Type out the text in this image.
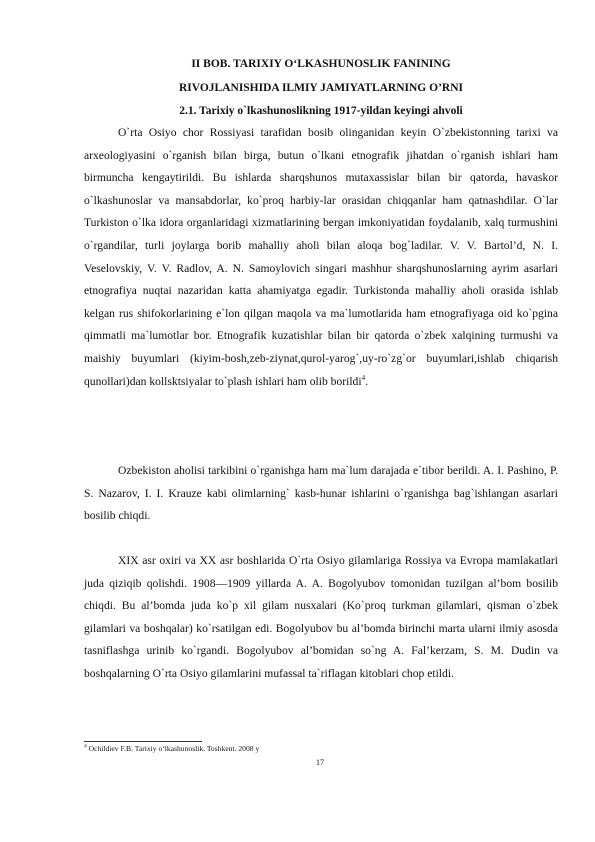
II BOB. TARIXIY O‘LKASHUNOSLIK FANINING
RIVOJLANISHIDA ILMIY JAMIYATLARNING O’RNI
2.1. Tarixiy o`lkashunoslikning 1917-yildan keyingi ahvoli
O`rta Osiyo chor Rossiyasi tarafidan bosib olinganidan keyin O`zbekistonning tarixi va arxeologiyasini o`rganish bilan birga, butun o`lkani etnografik jihatdan o`rganish ishlari ham birmuncha kengaytirildi. Bu ishlarda sharqshunos mutaxassislar bilan bir qatorda, havaskor o`lkashunoslar va mansabdorlar, ko`proq harbiy-lar orasidan chiqqanlar ham qatnashdilar. O`lar Turkiston o`lka idora organlaridagi xizmatlarining bergan imkoniyatidan foydalanib, xalq turmushini o`rgandilar, turli joylarga borib mahalliy aholi bilan aloqa bog`ladilar. V. V. Bartol’d, N. I. Veselovskiy, V. V. Radlov, A. N. Samoylovich singari mashhur sharqshunoslarning ayrim asarlari etnografiya nuqtai nazaridan katta ahamiyatga egadir. Turkistonda mahalliy aholi orasida ishlab kelgan rus shifokorlarining e`lon qilgan maqola va ma`lumotlarida ham etnografiyaga oid ko`pgina qimmatli ma`lumotlar bor. Etnografik kuzatishlar bilan bir qatorda o`zbek xalqining turmushi va maishiy buyumlari (kiyim-bosh,zeb-ziynat,qurol-yarog`,uy-ro`zg`or buyumlari,ishlab chiqarish qunollari)dan kollsktsiyalar to`plash ishlari ham olib borildi$^4$.
Ozbekiston aholisi tarkibini o`rganishga ham ma`lum darajada e`tibor berildi. A. I. Pashino, P. S. Nazarov, I. I. Krauze kabi olimlarning` kasb-hunar ishlarini o`rganishga bag`ishlangan asarlari bosilib chiqdi.
XIX asr oxiri va XX asr boshlarida O`rta Osiyo gilamlariga Rossiya va Evropa mamlakatlari juda qiziqib qolishdi. 1908—1909 yillarda A. A. Bogolyubov tomonidan tuzilgan al’bom bosilib chiqdi. Bu al’bomda juda ko`p xil gilam nusxalari (Ko`proq turkman gilamlari, qisman o`zbek gilamlari va boshqalar) ko`rsatilgan edi. Bogolyubov bu al’bomda birinchi marta ularni ilmiy asosda tasniflashga urinib ko`rgandi. Bogolyubov al’bomidan so`ng A. Fal’kerzam, S. M. Dudin va boshqalarning O`rta Osiyo gilamlarini mufassal ta`riflagan kitoblari chop etildi.
$^4$ Ochildiev F.B. Tarixiy o‘lkashunoslik. Toshkent. 2008 y
17
